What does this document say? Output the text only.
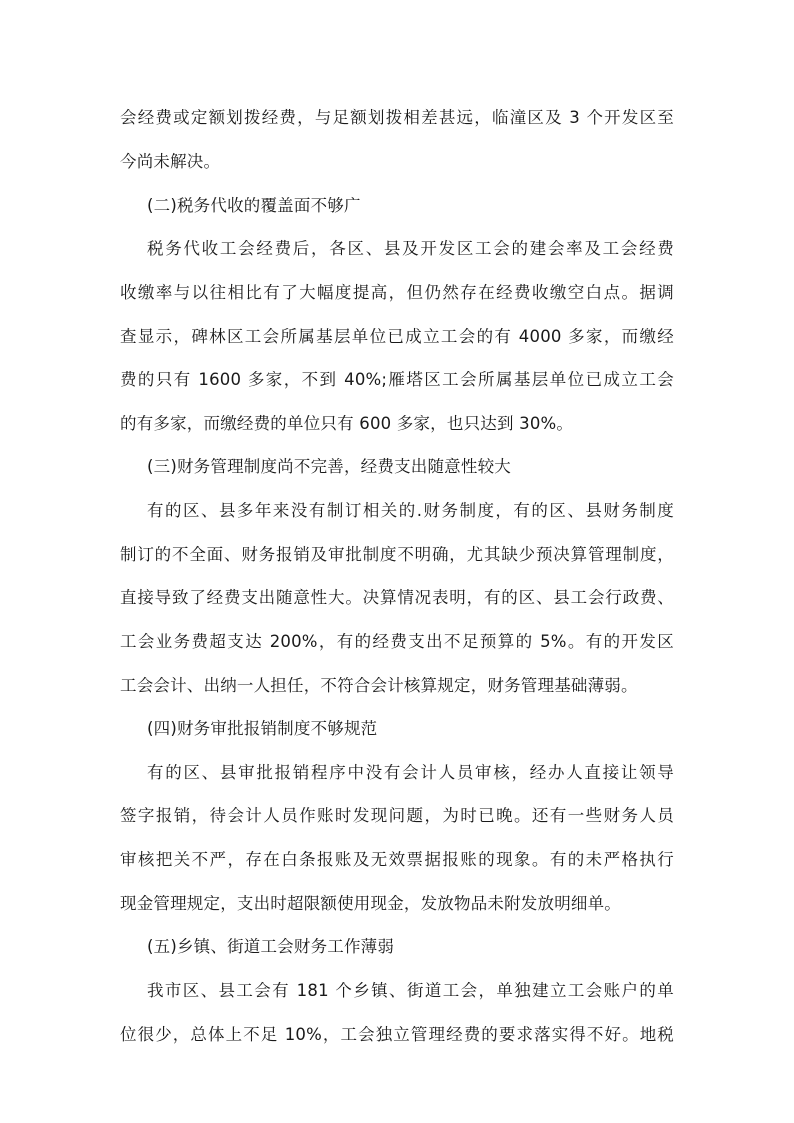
会经费或定额划拨经费，与足额划拨相差甚远，临潼区及 3 个开发区至
今尚未解决。
(二)税务代收的覆盖面不够广
税务代收工会经费后，各区、县及开发区工会的建会率及工会经费
收缴率与以往相比有了大幅度提高，但仍然存在经费收缴空白点。据调
查显示，碑林区工会所属基层单位已成立工会的有 4000 多家，而缴经
费的只有 1600 多家，不到 40%;雁塔区工会所属基层单位已成立工会
的有多家，而缴经费的单位只有 600 多家，也只达到 30%。
(三)财务管理制度尚不完善，经费支出随意性较大
有的区、县多年来没有制订相关的.财务制度，有的区、县财务制度
制订的不全面、财务报销及审批制度不明确，尤其缺少预决算管理制度，
直接导致了经费支出随意性大。决算情况表明，有的区、县工会行政费、
工会业务费超支达 200%，有的经费支出不足预算的 5%。有的开发区
工会会计、出纳一人担任，不符合会计核算规定，财务管理基础薄弱。
(四)财务审批报销制度不够规范
有的区、县审批报销程序中没有会计人员审核，经办人直接让领导
签字报销，待会计人员作账时发现问题，为时已晚。还有一些财务人员
审核把关不严，存在白条报账及无效票据报账的现象。有的未严格执行
现金管理规定，支出时超限额使用现金，发放物品未附发放明细单。
(五)乡镇、街道工会财务工作薄弱
我市区、县工会有 181 个乡镇、街道工会，单独建立工会账户的单
位很少，总体上不足 10%，工会独立管理经费的要求落实得不好。地税
